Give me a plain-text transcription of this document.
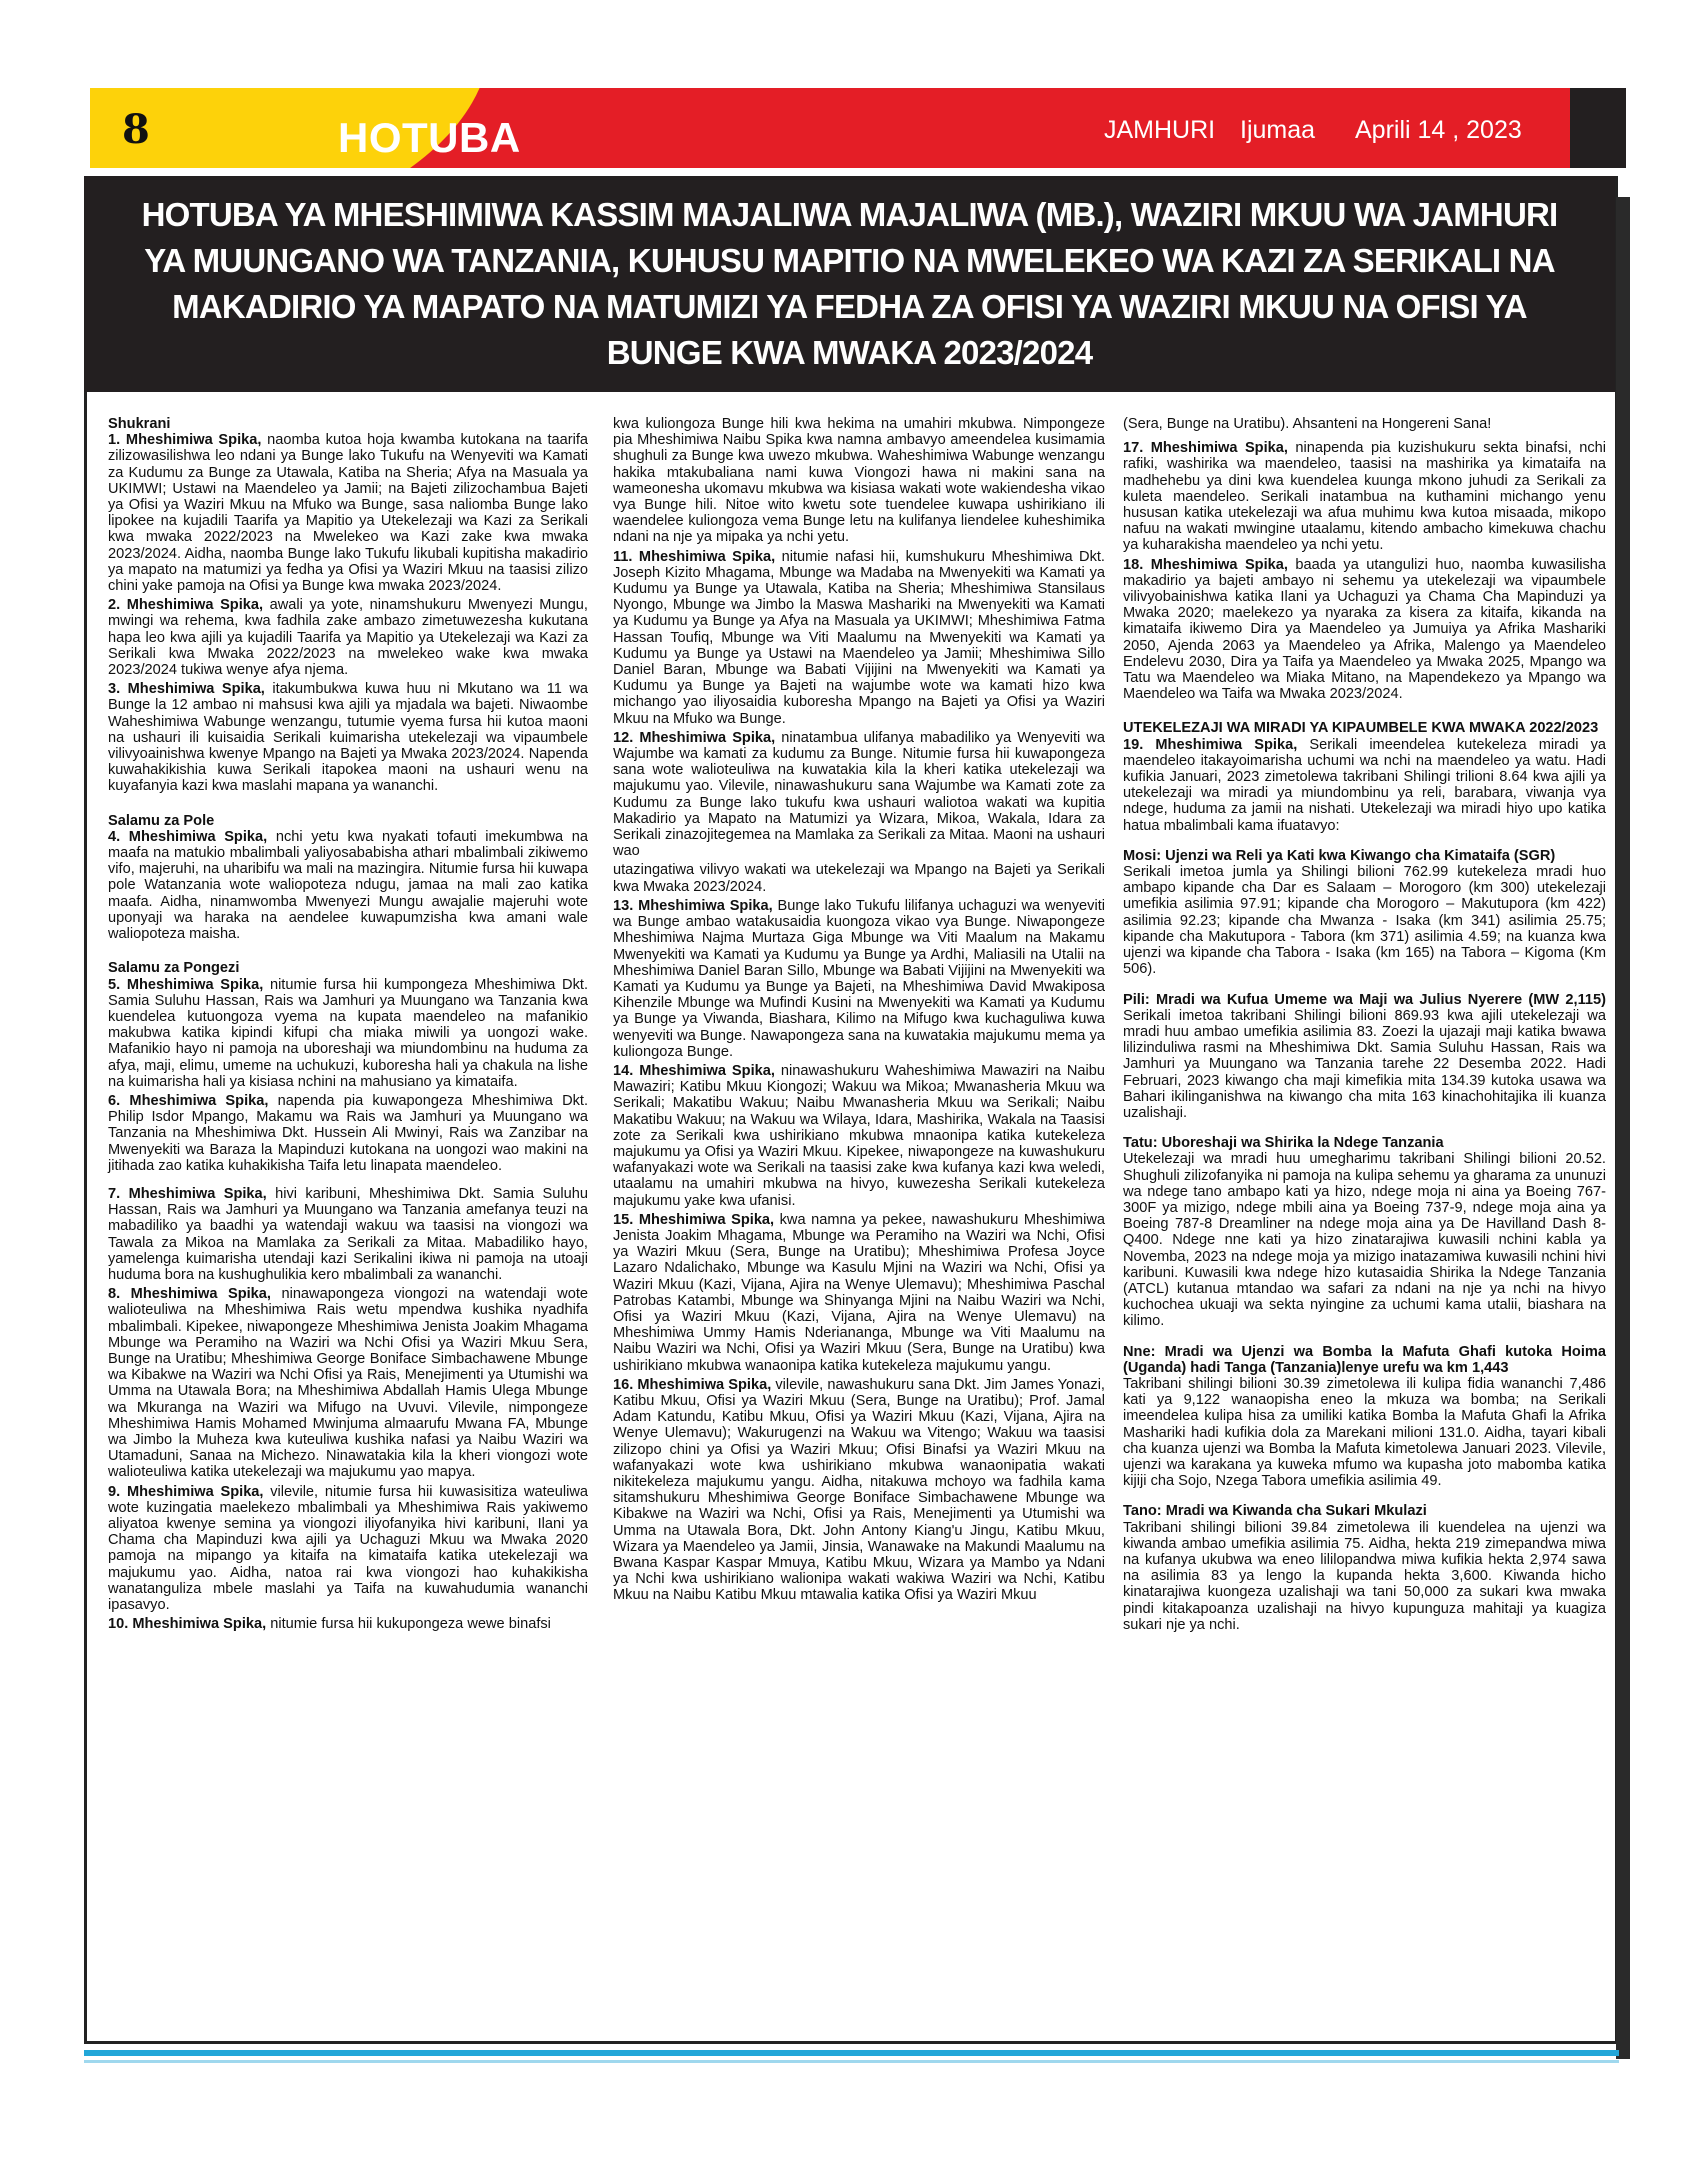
8	HOTUBA	JAMHURI Ijumaa Aprili 14 , 2023
HOTUBA YA MHESHIMIWA KASSIM MAJALIWA MAJALIWA (MB.), WAZIRI MKUU WA JAMHURI YA MUUNGANO WA TANZANIA, KUHUSU MAPITIO NA MWELEKEO WA KAZI ZA SERIKALI NA MAKADIRIO YA MAPATO NA MATUMIZI YA FEDHA ZA OFISI YA WAZIRI MKUU NA OFISI YA BUNGE KWA MWAKA 2023/2024
Shukrani

1. Mheshimiwa Spika, naomba kutoa hoja kwamba kutokana na taarifa zilizowasilishwa leo ndani ya Bunge lako Tukufu na Wenyeviti wa Kamati za Kudumu za Bunge za Utawala, Katiba na Sheria; Afya na Masuala ya UKIMWI; Ustawi na Maendeleo ya Jamii; na Bajeti zilizochambua Bajeti ya Ofisi ya Waziri Mkuu na Mfuko wa Bunge, sasa naliomba Bunge lako lipokee na kujadili Taarifa ya Mapitio ya Utekelezaji wa Kazi za Serikali kwa mwaka 2022/2023 na Mwelekeo wa Kazi zake kwa mwaka 2023/2024. Aidha, naomba Bunge lako Tukufu likubali kupitisha makadirio ya mapato na matumizi ya fedha ya Ofisi ya Waziri Mkuu na taasisi zilizo chini yake pamoja na Ofisi ya Bunge kwa mwaka 2023/2024.

2. Mheshimiwa Spika, awali ya yote, ninamshukuru Mwenyezi Mungu, mwingi wa rehema, kwa fadhila zake ambazo zimetuwezesha kukutana hapa leo kwa ajili ya kujadili Taarifa ya Mapitio ya Utekelezaji wa Kazi za Serikali kwa Mwaka 2022/2023 na mwelekeo wake kwa mwaka 2023/2024 tukiwa wenye afya njema.

3. Mheshimiwa Spika, itakumbukwa kuwa huu ni Mkutano wa 11 wa Bunge la 12 ambao ni mahsusi kwa ajili ya mjadala wa bajeti. Niwaombe Waheshimiwa Wabunge wenzangu, tutumie vyema fursa hii kutoa maoni na ushauri ili kuisaidia Serikali kuimarisha utekelezaji wa vipaumbele vilivyoainishwa kwenye Mpango na Bajeti ya Mwaka 2023/2024. Napenda kuwahakikishia kuwa Serikali itapokea maoni na ushauri wenu na kuyafanyia kazi kwa maslahi mapana ya wananchi.

Salamu za Pole

4. Mheshimiwa Spika, nchi yetu kwa nyakati tofauti imekumbwa na maafa na matukio mbalimbali yaliyosababisha athari mbalimbali zikiwemo vifo, majeruhi, na uharibifu wa mali na mazingira. Nitumie fursa hii kuwapa pole Watanzania wote waliopoteza ndugu, jamaa na mali zao katika maafa. Aidha, ninamwomba Mwenyezi Mungu awajalie majeruhi wote uponyaji wa haraka na aendelee kuwapumzisha kwa amani wale waliopoteza maisha.

Salamu za Pongezi

5. Mheshimiwa Spika, nitumie fursa hii kumpongeza Mheshimiwa Dkt. Samia Suluhu Hassan, Rais wa Jamhuri ya Muungano wa Tanzania kwa kuendelea kutuongoza vyema na kupata maendeleo na mafanikio makubwa katika kipindi kifupi cha miaka miwili ya uongozi wake. Mafanikio hayo ni pamoja na uboreshaji wa miundombinu na huduma za afya, maji, elimu, umeme na uchukuzi, kuboresha hali ya chakula na lishe na kuimarisha hali ya kisiasa nchini na mahusiano ya kimataifa.

6. Mheshimiwa Spika, napenda pia kuwapongeza Mheshimiwa Dkt. Philip Isdor Mpango, Makamu wa Rais wa Jamhuri ya Muungano wa Tanzania na Mheshimiwa Dkt. Hussein Ali Mwinyi, Rais wa Zanzibar na Mwenyekiti wa Baraza la Mapinduzi kutokana na uongozi wao makini na jitihada zao katika kuhakikisha Taifa letu linapata maendeleo.

7. Mheshimiwa Spika, hivi karibuni, Mheshimiwa Dkt. Samia Suluhu Hassan, Rais wa Jamhuri ya Muungano wa Tanzania amefanya teuzi na mabadiliko ya baadhi ya watendaji wakuu wa taasisi na viongozi wa Tawala za Mikoa na Mamlaka za Serikali za Mitaa. Mabadiliko hayo, yamelenga kuimarisha utendaji kazi Serikalini ikiwa ni pamoja na utoaji huduma bora na kushughulikia kero mbalimbali za wananchi.

8. Mheshimiwa Spika, ninawapongeza viongozi na watendaji wote walioteuliwa na Mheshimiwa Rais wetu mpendwa kushika nyadhifa mbalimbali. Kipekee, niwapongeze Mheshimiwa Jenista Joakim Mhagama Mbunge wa Peramiho na Waziri wa Nchi Ofisi ya Waziri Mkuu Sera, Bunge na Uratibu; Mheshimiwa George Boniface Simbachawene Mbunge wa Kibakwe na Waziri wa Nchi Ofisi ya Rais, Menejimenti ya Utumishi wa Umma na Utawala Bora; na Mheshimiwa Abdallah Hamis Ulega Mbunge wa Mkuranga na Waziri wa Mifugo na Uvuvi. Vilevile, nimpongeze Mheshimiwa Hamis Mohamed Mwinjuma almaarufu Mwana FA, Mbunge wa Jimbo la Muheza kwa kuteuliwa kushika nafasi ya Naibu Waziri wa Utamaduni, Sanaa na Michezo. Ninawatakia kila la kheri viongozi wote walioteuliwa katika utekelezaji wa majukumu yao mapya.

9. Mheshimiwa Spika, vilevile, nitumie fursa hii kuwasisitiza wateuliwa wote kuzingatia maelekezo mbalimbali ya Mheshimiwa Rais yakiwemo aliyatoa kwenye semina ya viongozi iliyofanyika hivi karibuni, Ilani ya Chama cha Mapinduzi kwa ajili ya Uchaguzi Mkuu wa Mwaka 2020 pamoja na mipango ya kitaifa na kimataifa katika utekelezaji wa majukumu yao. Aidha, natoa rai kwa viongozi hao kuhakikisha wanatanguliza mbele maslahi ya Taifa na kuwahudumia wananchi ipasavyo.

10. Mheshimiwa Spika, nitumie fursa hii kukupongeza wewe binafsi

kwa kuliongoza Bunge hili kwa hekima na umahiri mkubwa. Nimpongeze pia Mheshimiwa Naibu Spika kwa namna ambavyo ameendelea kusimamia shughuli za Bunge kwa uwezo mkubwa. Waheshimiwa Wabunge wenzangu hakika mtakubaliana nami kuwa Viongozi hawa ni makini sana na wameonesha ukomavu mkubwa wa kisiasa wakati wote wakiendesha vikao vya Bunge hili. Nitoe wito kwetu sote tuendelee kuwapa ushirikiano ili waendelee kuliongoza vema Bunge letu na kulifanya liendelee kuheshimika ndani na nje ya mipaka ya nchi yetu.

11. Mheshimiwa Spika, nitumie nafasi hii, kumshukuru Mheshimiwa Dkt. Joseph Kizito Mhagama, Mbunge wa Madaba na Mwenyekiti wa Kamati ya Kudumu ya Bunge ya Utawala, Katiba na Sheria; Mheshimiwa Stansilaus Nyongo, Mbunge wa Jimbo la Maswa Mashariki na Mwenyekiti wa Kamati ya Kudumu ya Bunge ya Afya na Masuala ya UKIMWI; Mheshimiwa Fatma Hassan Toufiq, Mbunge wa Viti Maalumu na Mwenyekiti wa Kamati ya Kudumu ya Bunge ya Ustawi na Maendeleo ya Jamii; Mheshimiwa Sillo Daniel Baran, Mbunge wa Babati Vijijini na Mwenyekiti wa Kamati ya Kudumu ya Bunge ya Bajeti na wajumbe wote wa kamati hizo kwa michango yao iliyosaidia kuboresha Mpango na Bajeti ya Ofisi ya Waziri Mkuu na Mfuko wa Bunge.

12. Mheshimiwa Spika, ninatambua ulifanya mabadiliko ya Wenyeviti wa Wajumbe wa kamati za kudumu za Bunge. Nitumie fursa hii kuwapongeza sana wote walioteuliwa na kuwatakia kila la kheri katika utekelezaji wa majukumu yao. Vilevile, ninawashukuru sana Wajumbe wa Kamati zote za Kudumu za Bunge lako tukufu kwa ushauri waliotoa wakati wa kupitia Makadirio ya Mapato na Matumizi ya Wizara, Mikoa, Wakala, Idara za Serikali zinazojitegemea na Mamlaka za Serikali za Mitaa. Maoni na ushauri wao

utazingatiwa vilivyo wakati wa utekelezaji wa Mpango na Bajeti ya Serikali kwa Mwaka 2023/2024.

13. Mheshimiwa Spika, Bunge lako Tukufu lilifanya uchaguzi wa wenyeviti wa Bunge ambao watakusaidia kuongoza vikao vya Bunge. Niwapongeze Mheshimiwa Najma Murtaza Giga Mbunge wa Viti Maalum na Makamu Mwenyekiti wa Kamati ya Kudumu ya Bunge ya Ardhi, Maliasili na Utalii na Mheshimiwa Daniel Baran Sillo, Mbunge wa Babati Vijijini na Mwenyekiti wa Kamati ya Kudumu ya Bunge ya Bajeti, na Mheshimiwa David Mwakiposa Kihenzile Mbunge wa Mufindi Kusini na Mwenyekiti wa Kamati ya Kudumu ya Bunge ya Viwanda, Biashara, Kilimo na Mifugo kwa kuchaguliwa kuwa wenyeviti wa Bunge. Nawapongeza sana na kuwatakia majukumu mema ya kuliongoza Bunge.

14. Mheshimiwa Spika, ninawashukuru Waheshimiwa Mawaziri na Naibu Mawaziri; Katibu Mkuu Kiongozi; Wakuu wa Mikoa; Mwanasheria Mkuu wa Serikali; Makatibu Wakuu; Naibu Mwanasheria Mkuu wa Serikali; Naibu Makatibu Wakuu; na Wakuu wa Wilaya, Idara, Mashirika, Wakala na Taasisi zote za Serikali kwa ushirikiano mkubwa mnaonipa katika kutekeleza majukumu ya Ofisi ya Waziri Mkuu. Kipekee, niwapongeze na kuwashukuru wafanyakazi wote wa Serikali na taasisi zake kwa kufanya kazi kwa weledi, utaalamu na umahiri mkubwa na hivyo, kuwezesha Serikali kutekeleza majukumu yake kwa ufanisi.

15. Mheshimiwa Spika, kwa namna ya pekee, nawashukuru Mheshimiwa Jenista Joakim Mhagama, Mbunge wa Peramiho na Waziri wa Nchi, Ofisi ya Waziri Mkuu (Sera, Bunge na Uratibu); Mheshimiwa Profesa Joyce Lazaro Ndalichako, Mbunge wa Kasulu Mjini na Waziri wa Nchi, Ofisi ya Waziri Mkuu (Kazi, Vijana, Ajira na Wenye Ulemavu); Mheshimiwa Paschal Patrobas Katambi, Mbunge wa Shinyanga Mjini na Naibu Waziri wa Nchi, Ofisi ya Waziri Mkuu (Kazi, Vijana, Ajira na Wenye Ulemavu) na Mheshimiwa Ummy Hamis Nderiananga, Mbunge wa Viti Maalumu na Naibu Waziri wa Nchi, Ofisi ya Waziri Mkuu (Sera, Bunge na Uratibu) kwa ushirikiano mkubwa wanaonipa katika kutekeleza majukumu yangu.

16. Mheshimiwa Spika, vilevile, nawashukuru sana Dkt. Jim James Yonazi, Katibu Mkuu, Ofisi ya Waziri Mkuu (Sera, Bunge na Uratibu); Prof. Jamal Adam Katundu, Katibu Mkuu, Ofisi ya Waziri Mkuu (Kazi, Vijana, Ajira na Wenye Ulemavu); Wakurugenzi na Wakuu wa Vitengo; Wakuu wa taasisi zilizopo chini ya Ofisi ya Waziri Mkuu; Ofisi Binafsi ya Waziri Mkuu na wafanyakazi wote kwa ushirikiano mkubwa wanaonipatia wakati nikitekeleza majukumu yangu. Aidha, nitakuwa mchoyo wa fadhila kama sitamshukuru Mheshimiwa George Boniface Simbachawene Mbunge wa Kibakwe na Waziri wa Nchi, Ofisi ya Rais, Menejimenti ya Utumishi wa Umma na Utawala Bora, Dkt. John Antony Kiang'u Jingu, Katibu Mkuu, Wizara ya Maendeleo ya Jamii, Jinsia, Wanawake na Makundi Maalumu na Bwana Kaspar Kaspar Mmuya, Katibu Mkuu, Wizara ya Mambo ya Ndani ya Nchi kwa ushirikiano walionipa wakati wakiwa Waziri wa Nchi, Katibu Mkuu na Naibu Katibu Mkuu mtawalia katika Ofisi ya Waziri Mkuu

(Sera, Bunge na Uratibu). Ahsanteni na Hongereni Sana!

17. Mheshimiwa Spika, ninapenda pia kuzishukuru sekta binafsi, nchi rafiki, washirika wa maendeleo, taasisi na mashirika ya kimataifa na madhehebu ya dini kwa kuendelea kuunga mkono juhudi za Serikali za kuleta maendeleo. Serikali inatambua na kuthamini michango yenu hususan katika utekelezaji wa afua muhimu kwa kutoa misaada, mikopo nafuu na wakati mwingine utaalamu, kitendo ambacho kimekuwa chachu ya kuharakisha maendeleo ya nchi yetu.

18. Mheshimiwa Spika, baada ya utangulizi huo, naomba kuwasilisha makadirio ya bajeti ambayo ni sehemu ya utekelezaji wa vipaumbele vilivyobainishwa katika Ilani ya Uchaguzi ya Chama Cha Mapinduzi ya Mwaka 2020; maelekezo ya nyaraka za kisera za kitaifa, kikanda na kimataifa ikiwemo Dira ya Maendeleo ya Jumuiya ya Afrika Mashariki 2050, Ajenda 2063 ya Maendeleo ya Afrika, Malengo ya Maendeleo Endelevu 2030, Dira ya Taifa ya Maendeleo ya Mwaka 2025, Mpango wa Tatu wa Maendeleo wa Miaka Mitano, na Mapendekezo ya Mpango wa Maendeleo wa Taifa wa Mwaka 2023/2024.

UTEKELEZAJI WA MIRADI YA KIPAUMBELE KWA MWAKA 2022/2023

19. Mheshimiwa Spika, Serikali imeendelea kutekeleza miradi ya maendeleo itakayoimarisha uchumi wa nchi na maendeleo ya watu. Hadi kufikia Januari, 2023 zimetolewa takribani Shilingi trilioni 8.64 kwa ajili ya utekelezaji wa miradi ya miundombinu ya reli, barabara, viwanja vya ndege, huduma za jamii na nishati. Utekelezaji wa miradi hiyo upo katika hatua mbalimbali kama ifuatavyo:

Mosi: Ujenzi wa Reli ya Kati kwa Kiwango cha Kimataifa (SGR)
Serikali imetoa jumla ya Shilingi bilioni 762.99 kutekeleza mradi huo ambapo kipande cha Dar es Salaam – Morogoro (km 300) utekelezaji umefikia asilimia 97.91; kipande cha Morogoro – Makutupora (km 422) asilimia 92.23; kipande cha Mwanza - Isaka (km 341) asilimia 25.75; kipande cha Makutupora - Tabora (km 371) asilimia 4.59; na kuanza kwa ujenzi wa kipande cha Tabora - Isaka (km 165) na Tabora – Kigoma (Km 506).

Pili: Mradi wa Kufua Umeme wa Maji wa Julius Nyerere (MW 2,115) Serikali imetoa takribani Shilingi bilioni 869.93 kwa ajili utekelezaji wa mradi huu ambao umefikia asilimia 83. Zoezi la ujazaji maji katika bwawa lilizinduliwa rasmi na Mheshimiwa Dkt. Samia Suluhu Hassan, Rais wa Jamhuri ya Muungano wa Tanzania tarehe 22 Desemba 2022. Hadi Februari, 2023 kiwango cha maji kimefikia mita 134.39 kutoka usawa wa Bahari ikilinganishwa na kiwango cha mita 163 kinachohitajika ili kuanza uzalishaji.

Tatu: Uboreshaji wa Shirika la Ndege Tanzania
Utekelezaji wa mradi huu umegharimu takribani Shilingi bilioni 20.52. Shughuli zilizofanyika ni pamoja na kulipa sehemu ya gharama za ununuzi wa ndege tano ambapo kati ya hizo, ndege moja ni aina ya Boeing 767-300F ya mizigo, ndege mbili aina ya Boeing 737-9, ndege moja aina ya Boeing 787-8 Dreamliner na ndege moja aina ya De Havilland Dash 8-Q400. Ndege nne kati ya hizo zinatarajiwa kuwasili nchini kabla ya Novemba, 2023 na ndege moja ya mizigo inatazamiwa kuwasili nchini hivi karibuni. Kuwasili kwa ndege hizo kutasaidia Shirika la Ndege Tanzania (ATCL) kutanua mtandao wa safari za ndani na nje ya nchi na hivyo kuchochea ukuaji wa sekta nyingine za uchumi kama utalii, biashara na kilimo.

Nne: Mradi wa Ujenzi wa Bomba la Mafuta Ghafi kutoka Hoima (Uganda) hadi Tanga (Tanzania)lenye urefu wa km 1,443
Takribani shilingi bilioni 30.39 zimetolewa ili kulipa fidia wananchi 7,486 kati ya 9,122 wanaopisha eneo la mkuza wa bomba; na Serikali imeendelea kulipa hisa za umiliki katika Bomba la Mafuta Ghafi la Afrika Mashariki hadi kufikia dola za Marekani milioni 131.0. Aidha, tayari kibali cha kuanza ujenzi wa Bomba la Mafuta kimetolewa Januari 2023. Vilevile, ujenzi wa karakana ya kuweka mfumo wa kupasha joto mabomba katika kijiji cha Sojo, Nzega Tabora umefikia asilimia 49.

Tano: Mradi wa Kiwanda cha Sukari Mkulazi
Takribani shilingi bilioni 39.84 zimetolewa ili kuendelea na ujenzi wa kiwanda ambao umefikia asilimia 75. Aidha, hekta 219 zimepandwa miwa na kufanya ukubwa wa eneo lililopandwa miwa kufikia hekta 2,974 sawa na asilimia 83 ya lengo la kupanda hekta 3,600. Kiwanda hicho kinatarajiwa kuongeza uzalishaji wa tani 50,000 za sukari kwa mwaka pindi kitakapoanza uzalishaji na hivyo kupunguza mahitaji ya kuagiza sukari nje ya nchi.
